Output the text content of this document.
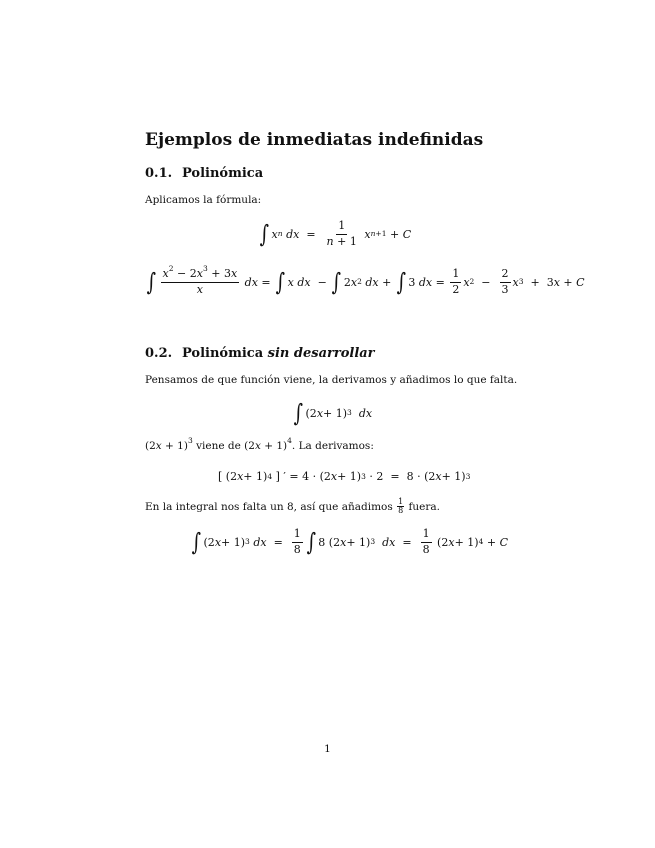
Ejemplos de inmediatas indefinidas
0.1. Polinómica
Aplicamos la fórmula:
∫ x n
dx = $\frac{1}{n + 1}$
x n+1 + C
∫ $\frac{x^2 - 2x^3 + 3x}{x}$
dx = ∫ x
dx − ∫ 2 x 2
dx + ∫ 3 dx = $\frac{1}{2}$ x $2 - \frac{2}{3}$ x 3 +  3 x + C
0.2. Polinómica sin desarrollar
Pensamos de que función viene, la derivamos y añadimos lo que falta.
∫ (2 x + 1) 3
dx
$(2x + 1)^3$ viene de $(2x + 1)^4$. La derivamos:
[ (2 x + 1) 4 ] ′ = 4 · (2 x + 1) 3 · 2  =  8 · (2 x + 1) 3
En la integral nos falta un 8, así que añadimos $\frac{1}{8}$ fuera.
∫ (2 x + 1) 3
dx = $\frac{1}{8}$ ∫ 8 (2 x + 1) 3
dx = $\frac{1}{8} (2$ x + 1) 4 + C
1
